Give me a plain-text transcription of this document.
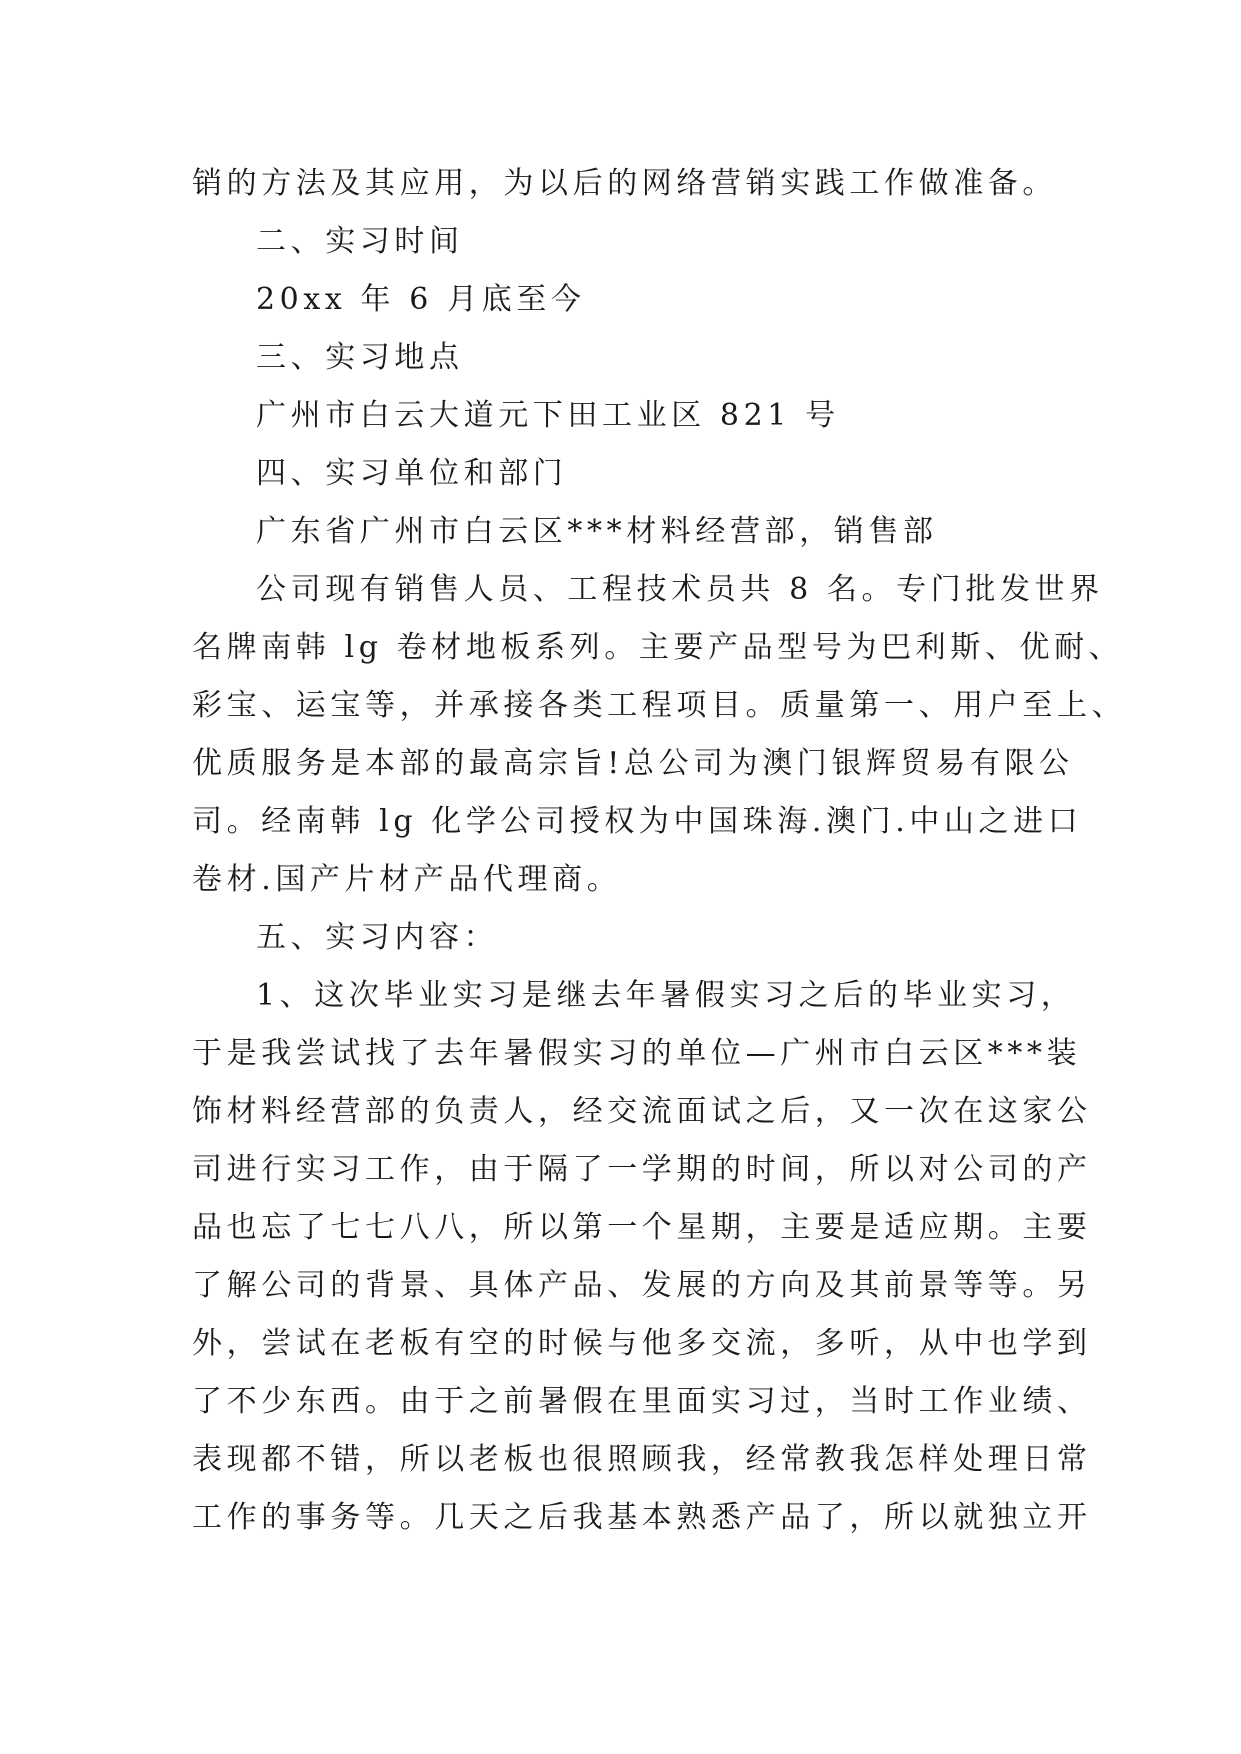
销的方法及其应用，为以后的网络营销实践工作做准备。
二、实习时间
20xx 年 6 月底至今
三、实习地点
广州市白云大道元下田工业区 821 号
四、实习单位和部门
广东省广州市白云区***材料经营部，销售部
公司现有销售人员、工程技术员共 8 名。专门批发世界
名牌南韩 lg 卷材地板系列。主要产品型号为巴利斯、优耐、
彩宝、运宝等，并承接各类工程项目。质量第一、用户至上、
优质服务是本部的最高宗旨!总公司为澳门银辉贸易有限公
司。经南韩 lg 化学公司授权为中国珠海.澳门.中山之进口
卷材.国产片材产品代理商。
五、实习内容：
1、这次毕业实习是继去年暑假实习之后的毕业实习，
于是我尝试找了去年暑假实习的单位—广州市白云区***装
饰材料经营部的负责人，经交流面试之后，又一次在这家公
司进行实习工作，由于隔了一学期的时间，所以对公司的产
品也忘了七七八八，所以第一个星期，主要是适应期。主要
了解公司的背景、具体产品、发展的方向及其前景等等。另
外，尝试在老板有空的时候与他多交流，多听，从中也学到
了不少东西。由于之前暑假在里面实习过，当时工作业绩、
表现都不错，所以老板也很照顾我，经常教我怎样处理日常
工作的事务等。几天之后我基本熟悉产品了，所以就独立开
